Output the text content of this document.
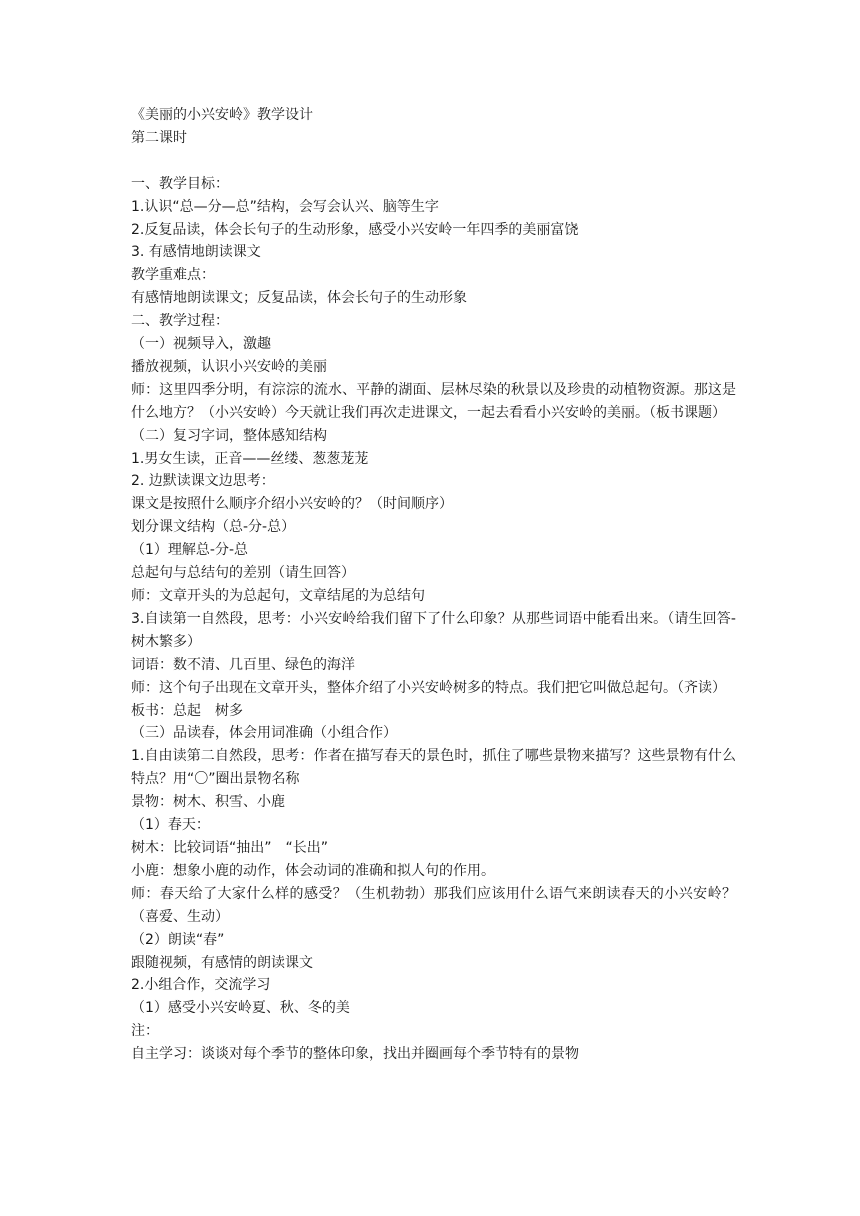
《美丽的小兴安岭》教学设计

第二课时

一、教学目标：

1.认识“总—分—总”结构，会写会认兴、脑等生字

2.反复品读，体会长句子的生动形象，感受小兴安岭一年四季的美丽富饶

3. 有感情地朗读课文

教学重难点：

有感情地朗读课文；反复品读，体会长句子的生动形象

二、教学过程：

（一）视频导入，激趣

播放视频，认识小兴安岭的美丽

师：这里四季分明，有淙淙的流水、平静的湖面、层林尽染的秋景以及珍贵的动植物资源。那这是什么地方？（小兴安岭）今天就让我们再次走进课文，一起去看看小兴安岭的美丽。（板书课题）

（二）复习字词，整体感知结构

1.男女生读，正音——丝缕、葱葱茏茏

2. 边默读课文边思考：

课文是按照什么顺序介绍小兴安岭的？（时间顺序）

划分课文结构（总-分-总）

（1）理解总-分-总

总起句与总结句的差别（请生回答）

师：文章开头的为总起句，文章结尾的为总结句

3.自读第一自然段，思考：小兴安岭给我们留下了什么印象？从那些词语中能看出来。（请生回答-树木繁多）

词语：数不清、几百里、绿色的海洋

师：这个句子出现在文章开头，整体介绍了小兴安岭树多的特点。我们把它叫做总起句。（齐读）

板书：总起　树多

（三）品读春，体会用词准确（小组合作）

1.自由读第二自然段，思考：作者在描写春天的景色时，抓住了哪些景物来描写？这些景物有什么特点？用“〇”圈出景物名称

景物：树木、积雪、小鹿

（1）春天：

树木：比较词语“抽出”　“长出”

小鹿：想象小鹿的动作，体会动词的准确和拟人句的作用。

师：春天给了大家什么样的感受？（生机勃勃）那我们应该用什么语气来朗读春天的小兴安岭？（喜爱、生动）

（2）朗读“春”

跟随视频，有感情的朗读课文

2.小组合作，交流学习

（1）感受小兴安岭夏、秋、冬的美

注：

自主学习：谈谈对每个季节的整体印象，找出并圈画每个季节特有的景物
